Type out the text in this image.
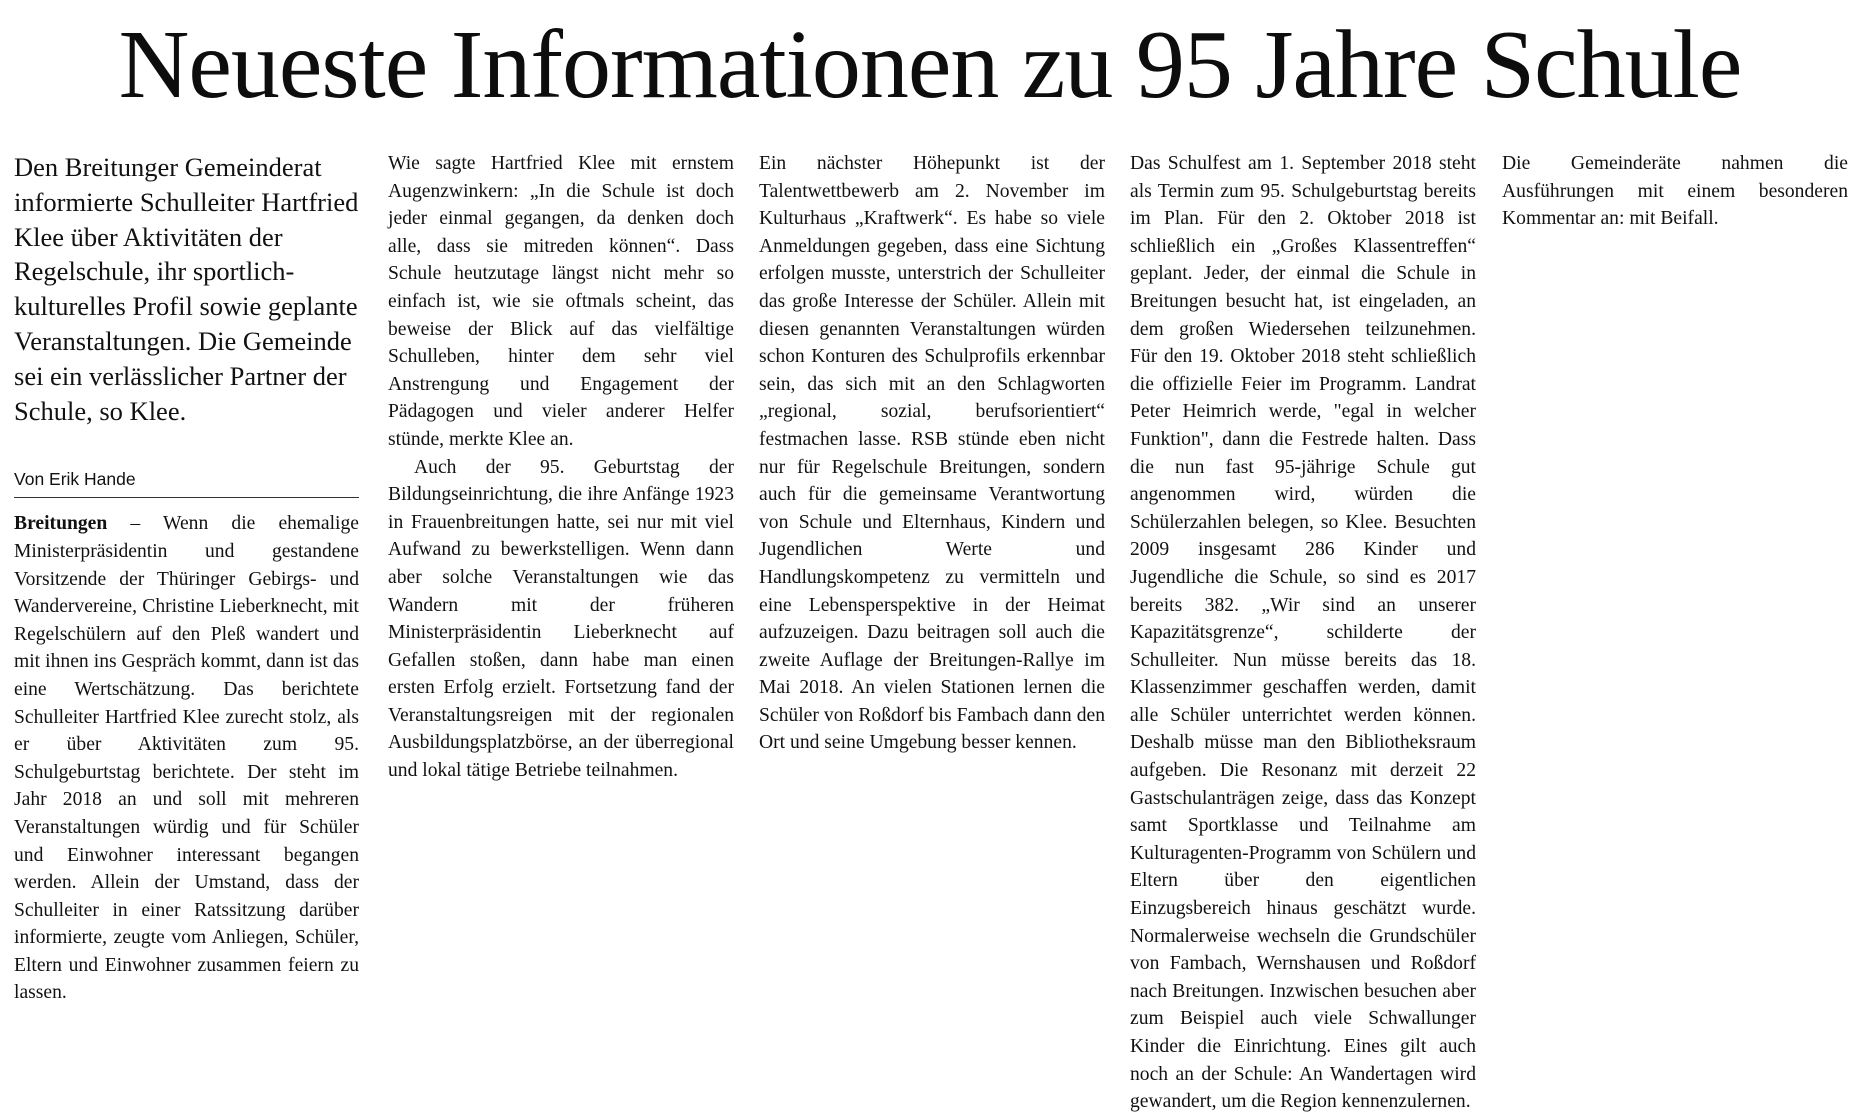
Neueste Informationen zu 95 Jahre Schule

Den Breitunger Gemeinderat informierte Schulleiter Hartfried Klee über Aktivitäten der Regelschule, ihr sportlich-kulturelles Profil sowie geplante Veranstaltungen. Die Gemeinde sei ein verlässlicher Partner der Schule, so Klee.

Von Erik Hande

Breitungen – Wenn die ehemalige Ministerpräsidentin und gestandene Vorsitzende der Thüringer Gebirgs- und Wandervereine, Christine Lieberknecht, mit Regelschülern auf den Pleß wandert und mit ihnen ins Gespräch kommt, dann ist das eine Wertschätzung. Das berichtete Schulleiter Hartfried Klee zurecht stolz, als er über Aktivitäten zum 95. Schulgeburtstag berichtete. Der steht im Jahr 2018 an und soll mit mehreren Veranstaltungen würdig und für Schüler und Einwohner interessant begangen werden. Allein der Umstand, dass der Schulleiter in einer Ratssitzung darüber informierte, zeugte vom Anliegen, Schüler, Eltern und Einwohner zusammen feiern zu lassen.

Wie sagte Hartfried Klee mit ernstem Augenzwinkern: „In die Schule ist doch jeder einmal gegangen, da denken doch alle, dass sie mitreden können“. Dass Schule heutzutage längst nicht mehr so einfach ist, wie sie oftmals scheint, das beweise der Blick auf das vielfältige Schulleben, hinter dem sehr viel Anstrengung und Engagement der Pädagogen und vieler anderer Helfer stünde, merkte Klee an.

Auch der 95. Geburtstag der Bildungseinrichtung, die ihre Anfänge 1923 in Frauenbreitungen hatte, sei nur mit viel Aufwand zu bewerkstelligen. Wenn dann aber solche Veranstaltungen wie das Wandern mit der früheren Ministerpräsidentin Lieberknecht auf Gefallen stoßen, dann habe man einen ersten Erfolg erzielt. Fortsetzung fand der Veranstaltungsreigen mit der regionalen Ausbildungsplatzbörse, an der überregional und lokal tätige Betriebe teilnahmen.

Ein nächster Höhepunkt ist der Talentwettbewerb am 2. November im Kulturhaus „Kraftwerk“. Es habe so viele Anmeldungen gegeben, dass eine Sichtung erfolgen musste, unterstrich der Schulleiter das große Interesse der Schüler. Allein mit diesen genannten Veranstaltungen würden schon Konturen des Schulprofils erkennbar sein, das sich mit an den Schlagworten „regional, sozial, berufsorientiert“ festmachen lasse. RSB stünde eben nicht nur für Regelschule Breitungen, sondern auch für die gemeinsame Verantwortung von Schule und Elternhaus, Kindern und Jugendlichen Werte und Handlungskompetenz zu vermitteln und eine Lebensperspektive in der Heimat aufzuzeigen. Dazu beitragen soll auch die zweite Auflage der Breitungen-Rallye im Mai 2018. An vielen Stationen lernen die Schüler von Roßdorf bis Fambach dann den Ort und seine Umgebung besser kennen.

Das Schulfest am 1. September 2018 steht als Termin zum 95. Schulgeburtstag bereits im Plan. Für den 2. Oktober 2018 ist schließlich ein „Großes Klassentreffen“ geplant. Jeder, der einmal die Schule in Breitungen besucht hat, ist eingeladen, an dem großen Wiedersehen teilzunehmen. Für den 19. Oktober 2018 steht schließlich die offizielle Feier im Programm. Landrat Peter Heimrich werde, "egal in welcher Funktion", dann die Festrede halten. Dass die nun fast 95-jährige Schule gut angenommen wird, würden die Schülerzahlen belegen, so Klee. Besuchten 2009 insgesamt 286 Kinder und Jugendliche die Schule, so sind es 2017 bereits 382. „Wir sind an unserer Kapazitätsgrenze“, schilderte der Schulleiter. Nun müsse bereits das 18. Klassenzimmer geschaffen werden, damit alle Schüler unterrichtet werden können. Deshalb müsse man den Bibliotheksraum aufgeben. Die Resonanz mit derzeit 22 Gastschulanträgen zeige, dass das Konzept samt Sportklasse und Teilnahme am Kulturagenten-Programm von Schülern und Eltern über den eigentlichen Einzugsbereich hinaus geschätzt wurde. Normalerweise wechseln die Grundschüler von Fambach, Wernshausen und Roßdorf nach Breitungen. Inzwischen besuchen aber zum Beispiel auch viele Schwallunger Kinder die Einrichtung. Eines gilt auch noch an der Schule: An Wandertagen wird gewandert, um die Region kennenzulernen.

Die Gemeinderäte nahmen die Ausführungen mit einem besonderen Kommentar an: mit Beifall.
